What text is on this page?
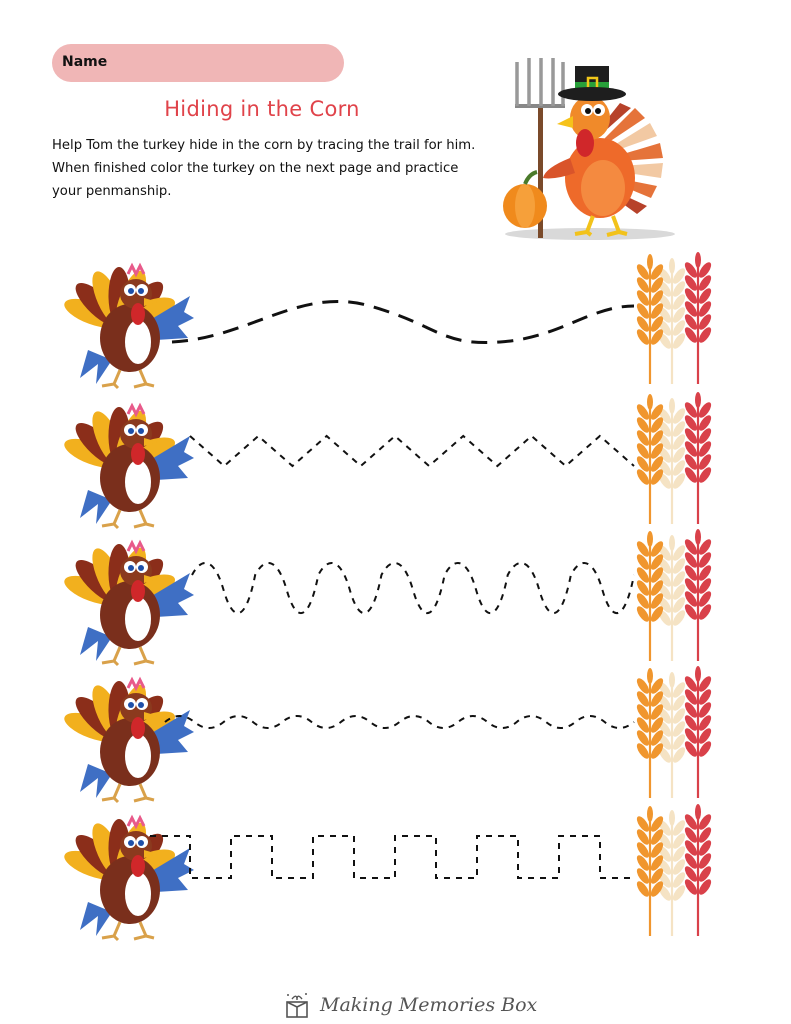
Name
Hiding in the Corn
Help Tom the turkey hide in the corn by tracing the trail for him. When finished color the turkey on the next page and practice your penmanship.
Making Memories Box
